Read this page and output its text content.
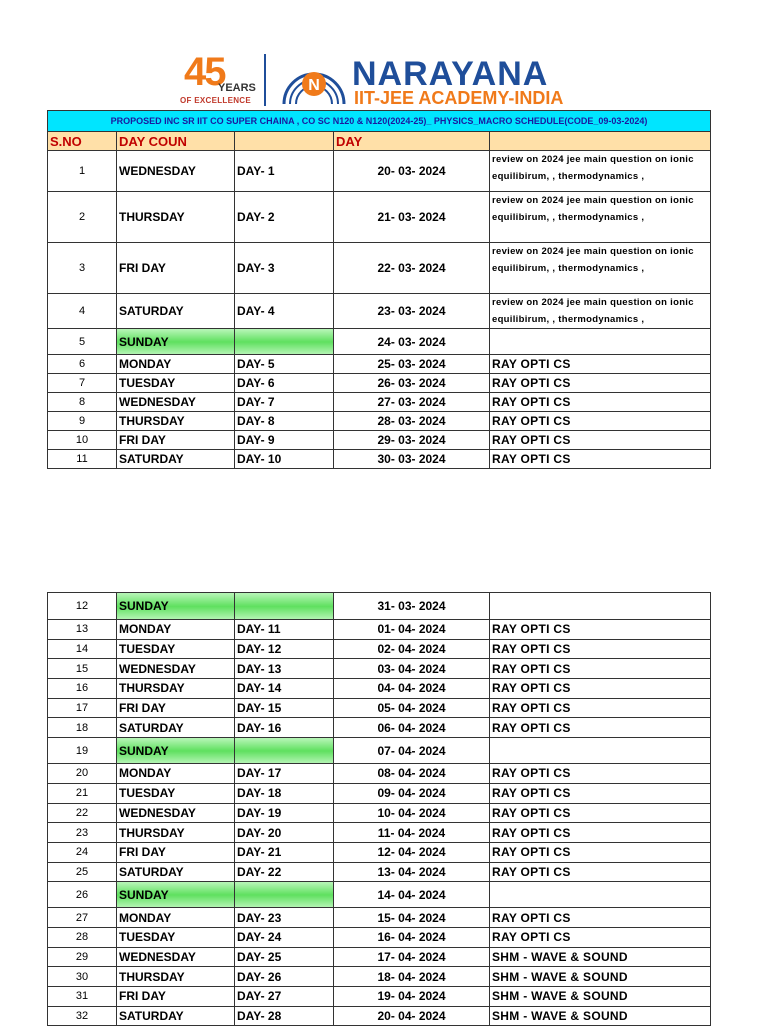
45
YEARS
OF EXCELLENCE
N NARAYANA
IIT-JEE ACADEMY-INDIA
PROPOSED INC SR IIT CO SUPER CHAINA , CO SC N120 & N120(2024-25)_ PHYSICS_MACRO SCHEDULE(CODE_09-03-2024)				
S.NO	DAY COUN		DAY	
1	WEDNESDAY	DAY- 1	20- 03- 2024	review on 2024 jee main question on ionic equilibirum, , thermodynamics ,
2	THURSDAY	DAY- 2	21- 03- 2024	review on 2024 jee main question on ionic equilibirum, , thermodynamics ,
3	FRI DAY	DAY- 3	22- 03- 2024	review on 2024 jee main question on ionic equilibirum, , thermodynamics ,
4	SATURDAY	DAY- 4	23- 03- 2024	review on 2024 jee main question on ionic equilibirum, , thermodynamics ,
5	SUNDAY		24- 03- 2024	
6	MONDAY	DAY- 5	25- 03- 2024	RAY OPTI CS
7	TUESDAY	DAY- 6	26- 03- 2024	RAY OPTI CS
8	WEDNESDAY	DAY- 7	27- 03- 2024	RAY OPTI CS
9	THURSDAY	DAY- 8	28- 03- 2024	RAY OPTI CS
10	FRI DAY	DAY- 9	29- 03- 2024	RAY OPTI CS
11	SATURDAY	DAY- 10	30- 03- 2024	RAY OPTI CS
12	SUNDAY		31- 03- 2024	
13	MONDAY	DAY- 11	01- 04- 2024	RAY OPTI CS
14	TUESDAY	DAY- 12	02- 04- 2024	RAY OPTI CS
15	WEDNESDAY	DAY- 13	03- 04- 2024	RAY OPTI CS
16	THURSDAY	DAY- 14	04- 04- 2024	RAY OPTI CS
17	FRI DAY	DAY- 15	05- 04- 2024	RAY OPTI CS
18	SATURDAY	DAY- 16	06- 04- 2024	RAY OPTI CS
19	SUNDAY		07- 04- 2024	
20	MONDAY	DAY- 17	08- 04- 2024	RAY OPTI CS
21	TUESDAY	DAY- 18	09- 04- 2024	RAY OPTI CS
22	WEDNESDAY	DAY- 19	10- 04- 2024	RAY OPTI CS
23	THURSDAY	DAY- 20	11- 04- 2024	RAY OPTI CS
24	FRI DAY	DAY- 21	12- 04- 2024	RAY OPTI CS
25	SATURDAY	DAY- 22	13- 04- 2024	RAY OPTI CS
26	SUNDAY		14- 04- 2024	
27	MONDAY	DAY- 23	15- 04- 2024	RAY OPTI CS
28	TUESDAY	DAY- 24	16- 04- 2024	RAY OPTI CS
29	WEDNESDAY	DAY- 25	17- 04- 2024	SHM - WAVE & SOUND
30	THURSDAY	DAY- 26	18- 04- 2024	SHM - WAVE & SOUND
31	FRI DAY	DAY- 27	19- 04- 2024	SHM - WAVE & SOUND
32	SATURDAY	DAY- 28	20- 04- 2024	SHM - WAVE & SOUND
